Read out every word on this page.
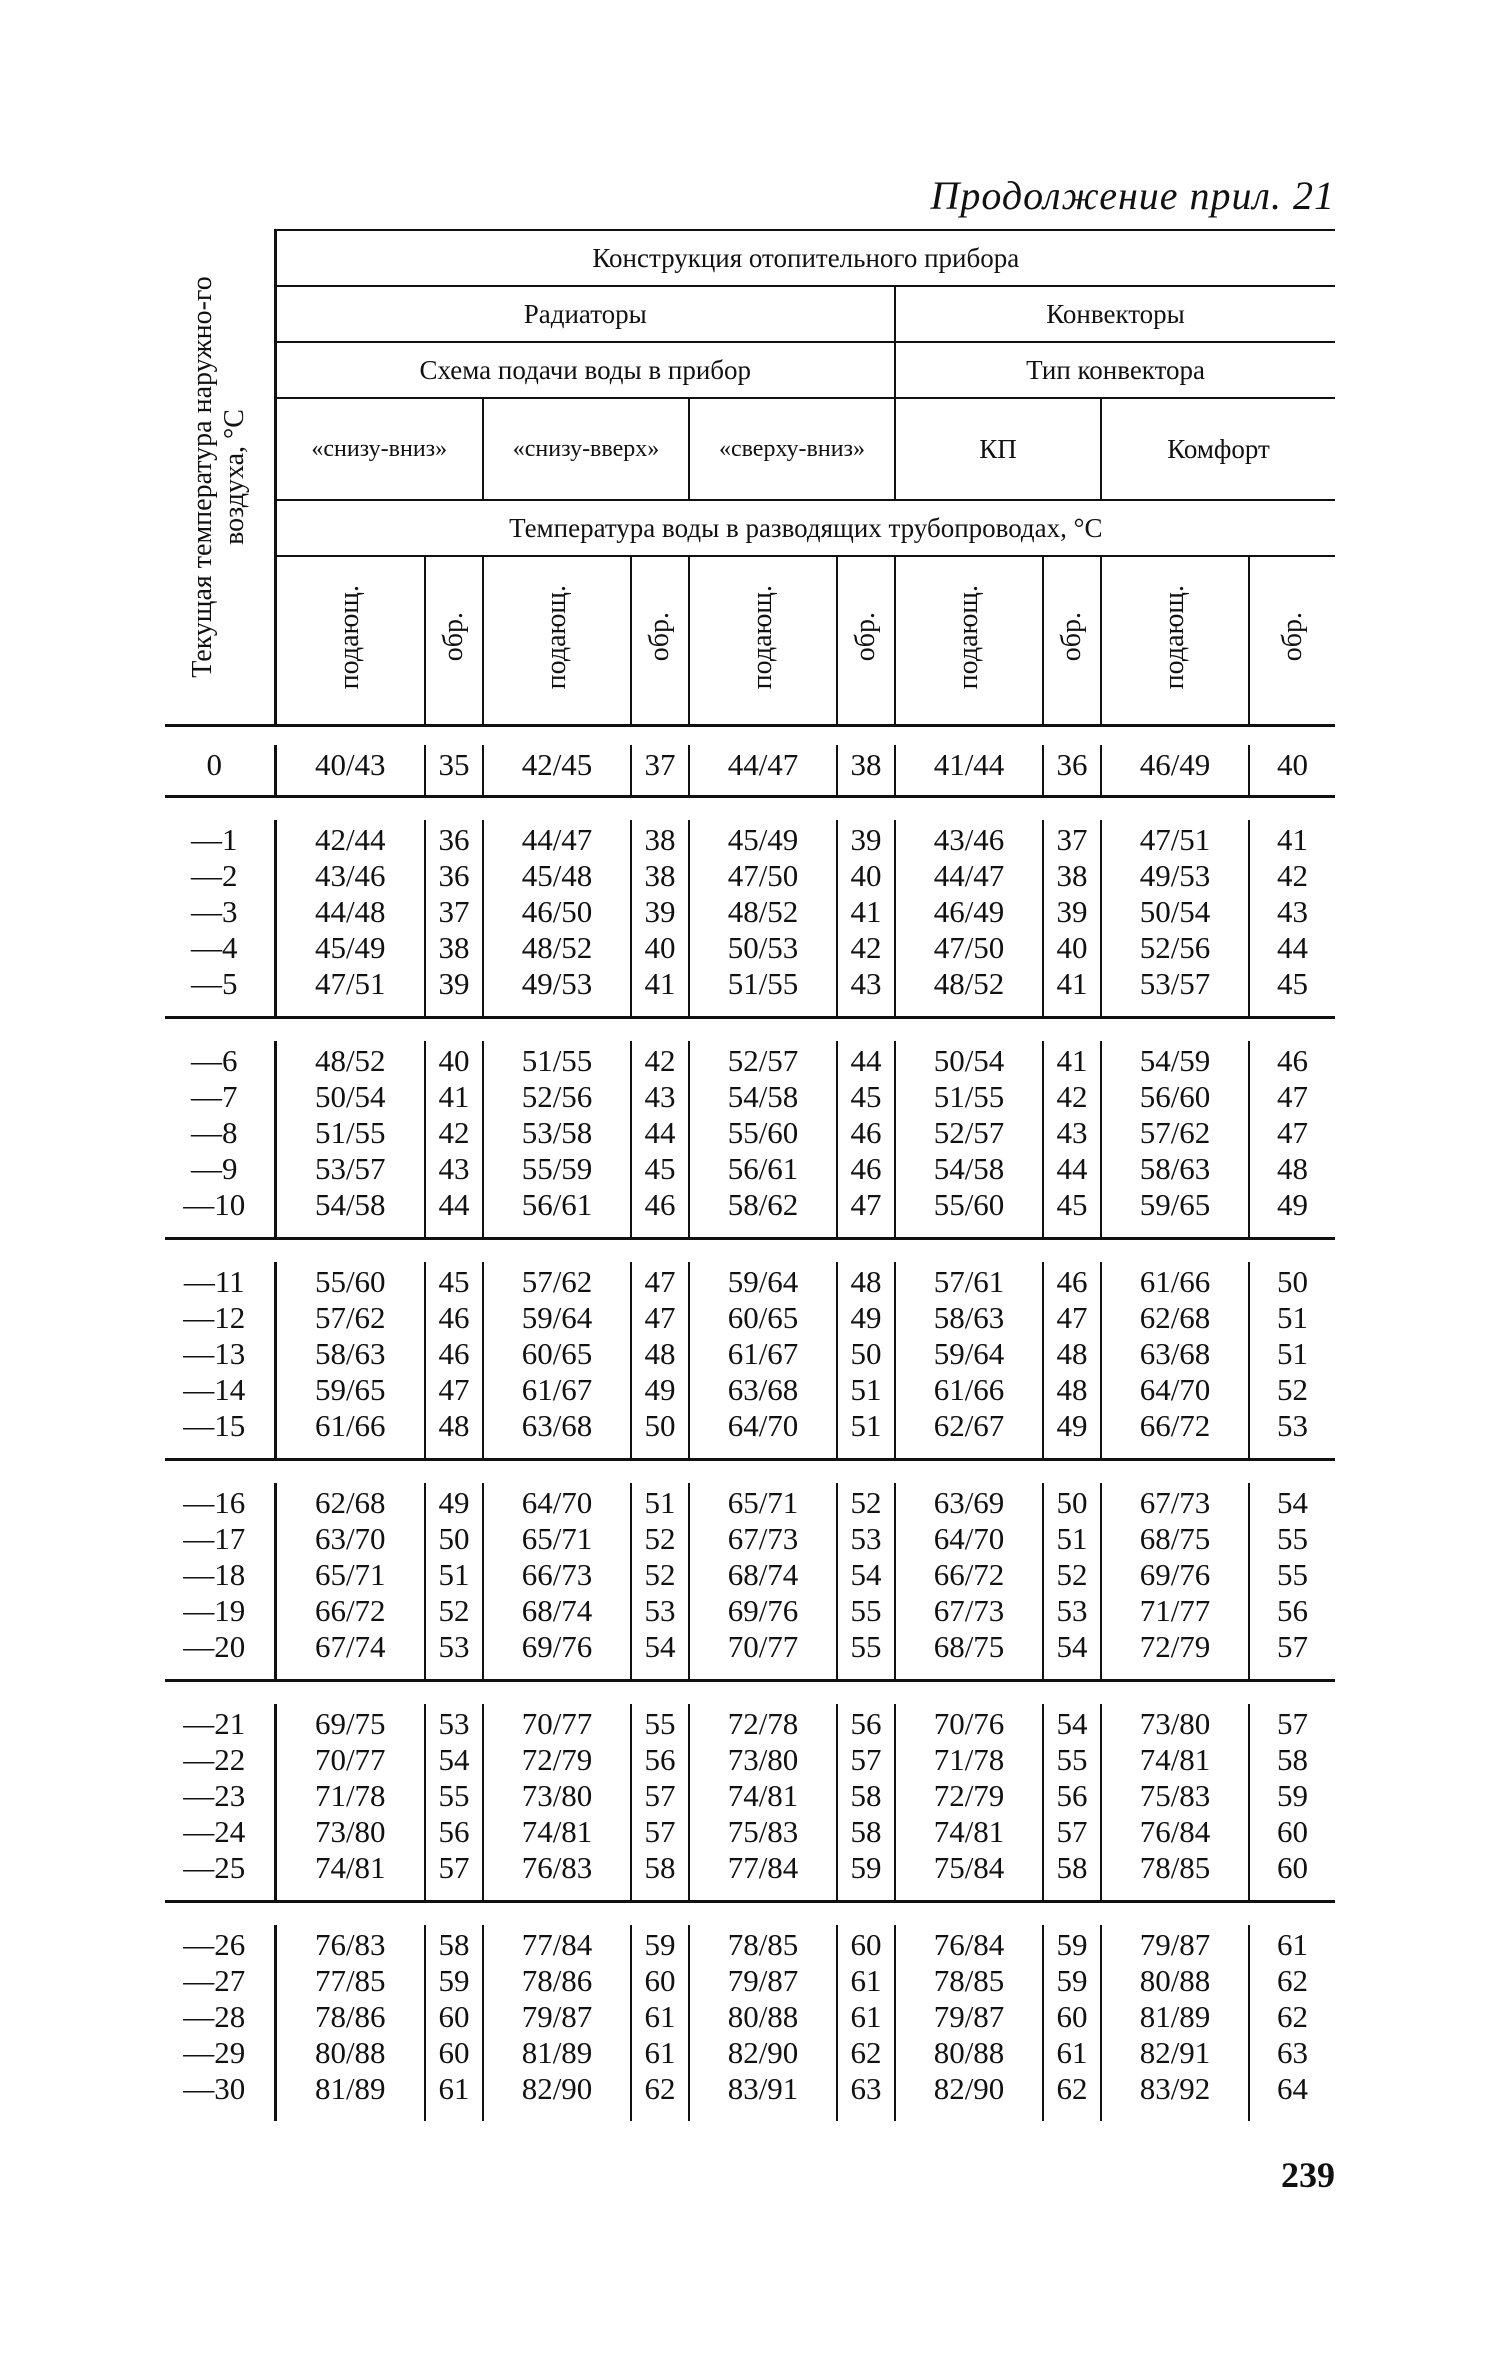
Продолжение прил. 21
Текущая температура наружно-го воздуха, °С	Конструкция отопительного прибора									
	Радиаторы						Конвекторы			
	Схема подачи воды в прибор						Тип конвектора			
	«снизу-вниз»		«снизу-вверх»		«сверху-вниз»		КП		Комфорт	
	Температура воды в разводящих трубопроводах, °С									
	подающ.	обр.	подающ.	обр.	подающ.	обр.	подающ.	обр.	подающ.	обр.

0	40/43	35	42/45	37	44/47	38	41/44	36	46/49	40

—1	42/44	36	44/47	38	45/49	39	43/46	37	47/51	41
—2	43/46	36	45/48	38	47/50	40	44/47	38	49/53	42
—3	44/48	37	46/50	39	48/52	41	46/49	39	50/54	43
—4	45/49	38	48/52	40	50/53	42	47/50	40	52/56	44
—5	47/51	39	49/53	41	51/55	43	48/52	41	53/57	45

—6	48/52	40	51/55	42	52/57	44	50/54	41	54/59	46
—7	50/54	41	52/56	43	54/58	45	51/55	42	56/60	47
—8	51/55	42	53/58	44	55/60	46	52/57	43	57/62	47
—9	53/57	43	55/59	45	56/61	46	54/58	44	58/63	48
—10	54/58	44	56/61	46	58/62	47	55/60	45	59/65	49

—11	55/60	45	57/62	47	59/64	48	57/61	46	61/66	50
—12	57/62	46	59/64	47	60/65	49	58/63	47	62/68	51
—13	58/63	46	60/65	48	61/67	50	59/64	48	63/68	51
—14	59/65	47	61/67	49	63/68	51	61/66	48	64/70	52
—15	61/66	48	63/68	50	64/70	51	62/67	49	66/72	53

—16	62/68	49	64/70	51	65/71	52	63/69	50	67/73	54
—17	63/70	50	65/71	52	67/73	53	64/70	51	68/75	55
—18	65/71	51	66/73	52	68/74	54	66/72	52	69/76	55
—19	66/72	52	68/74	53	69/76	55	67/73	53	71/77	56
—20	67/74	53	69/76	54	70/77	55	68/75	54	72/79	57

—21	69/75	53	70/77	55	72/78	56	70/76	54	73/80	57
—22	70/77	54	72/79	56	73/80	57	71/78	55	74/81	58
—23	71/78	55	73/80	57	74/81	58	72/79	56	75/83	59
—24	73/80	56	74/81	57	75/83	58	74/81	57	76/84	60
—25	74/81	57	76/83	58	77/84	59	75/84	58	78/85	60

—26	76/83	58	77/84	59	78/85	60	76/84	59	79/87	61
—27	77/85	59	78/86	60	79/87	61	78/85	59	80/88	62
—28	78/86	60	79/87	61	80/88	61	79/87	60	81/89	62
—29	80/88	60	81/89	61	82/90	62	80/88	61	82/91	63
—30	81/89	61	82/90	62	83/91	63	82/90	62	83/92	64

239
